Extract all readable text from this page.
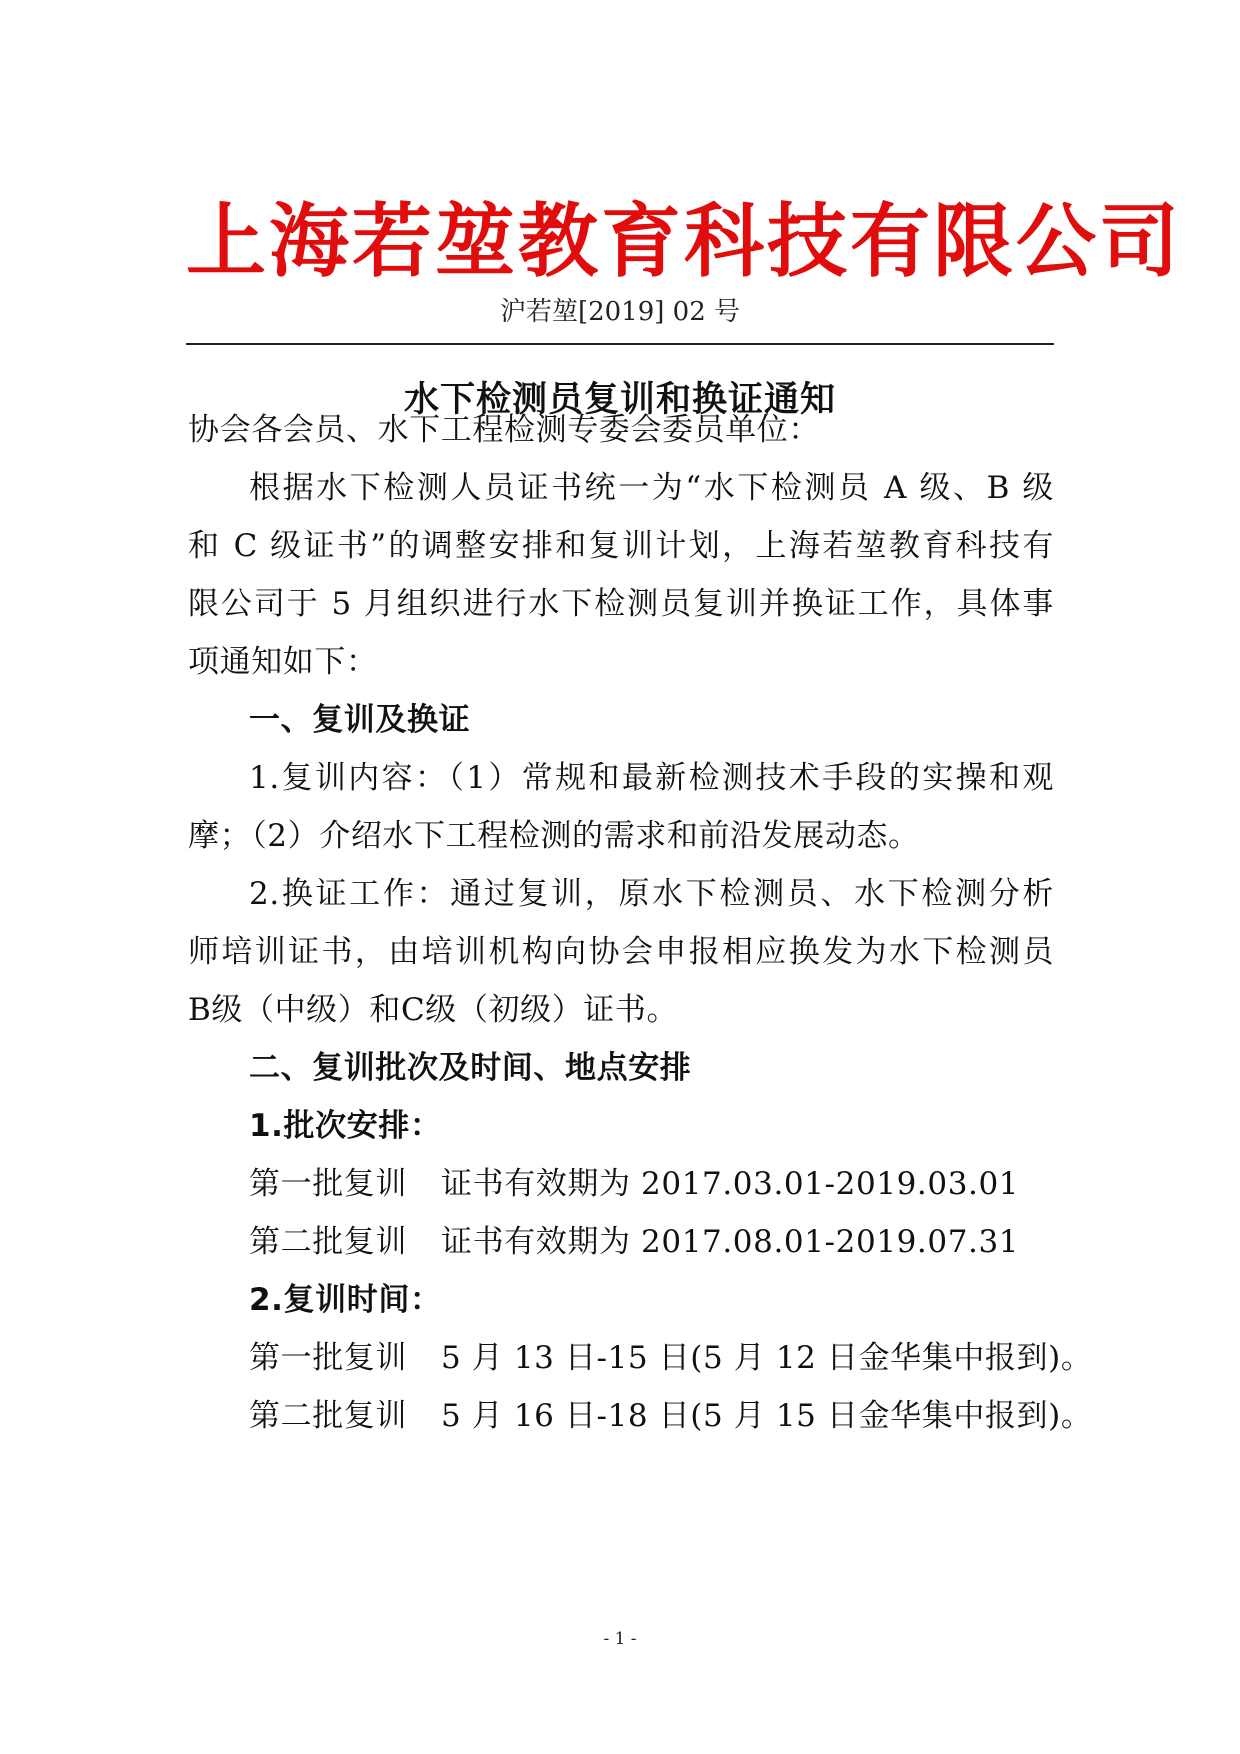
上海若堃教育科技有限公司
沪若堃[2019] 02 号
水下检测员复训和换证通知
协会各会员、水下工程检测专委会委员单位：
根据水下检测人员证书统一为“水下检测员 A 级、B 级
和 C 级证书”的调整安排和复训计划，上海若堃教育科技有
限公司于 5 月组织进行水下检测员复训并换证工作，具体事
项通知如下：
一、复训及换证
1.复训内容：（1）常规和最新检测技术手段的实操和观
摩；（2）介绍水下工程检测的需求和前沿发展动态。
2.换证工作：通过复训，原水下检测员、水下检测分析
师培训证书，由培训机构向协会申报相应换发为水下检测员
B级（中级）和C级（初级）证书。
二、复训批次及时间、地点安排
1.批次安排：
第一批复训 证书有效期为 2017.03.01-2019.03.01
第二批复训 证书有效期为 2017.08.01-2019.07.31
2.复训时间：
第一批复训 5 月 13 日-15 日(5 月 12 日金华集中报到)。
第二批复训 5 月 16 日-18 日(5 月 15 日金华集中报到)。
- 1 -
